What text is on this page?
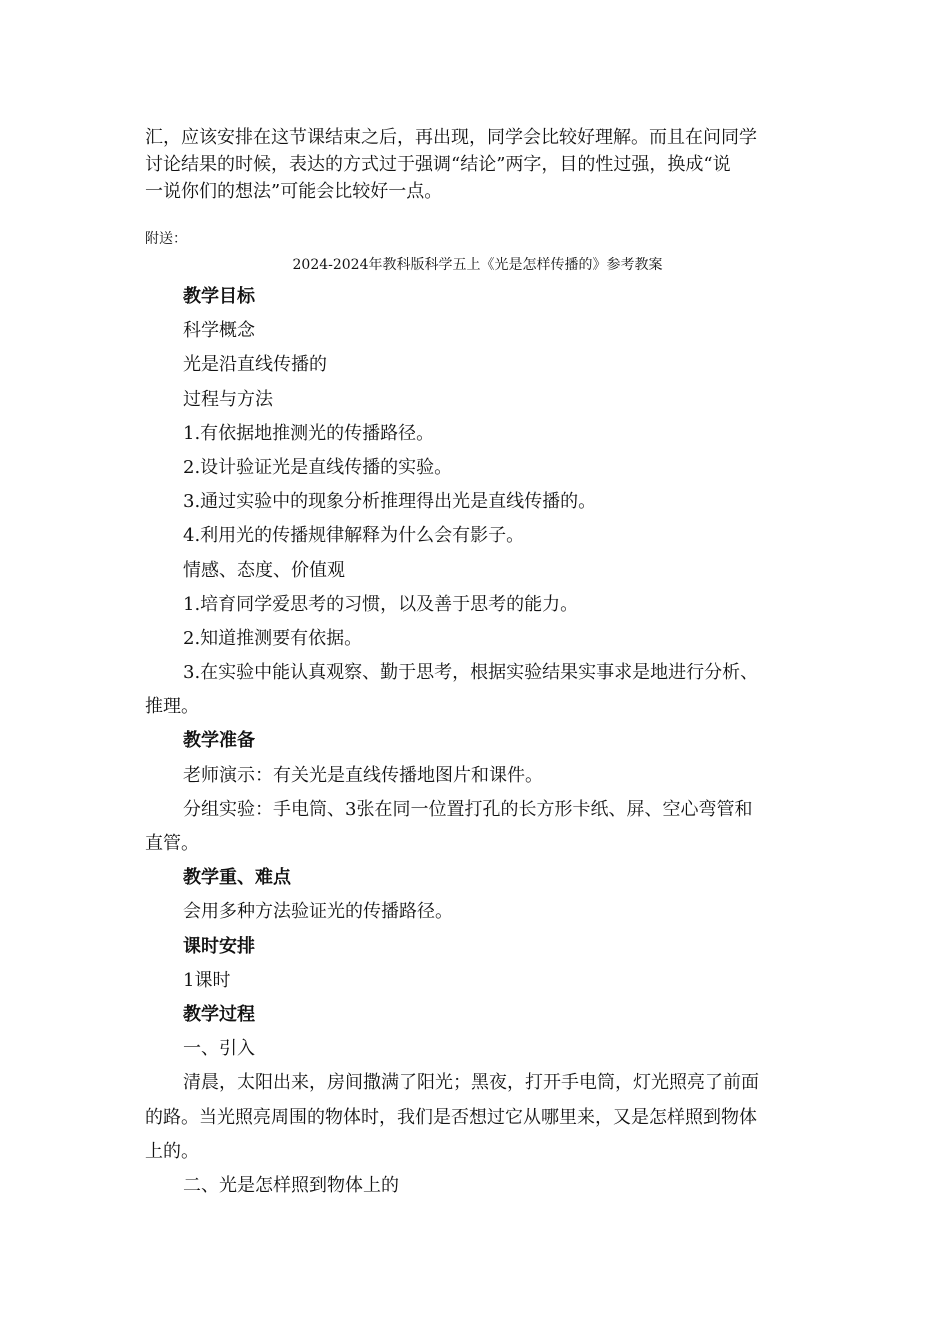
汇，应该安排在这节课结束之后，再出现，同学会比较好理解。而且在问同学

讨论结果的时候，表达的方式过于强调“结论”两字，目的性过强，换成“说

一说你们的想法”可能会比较好一点。

附送：
2024-2024年教科版科学五上《光是怎样传播的》参考教案
教学目标
科学概念
光是沿直线传播的
过程与方法
1.有依据地推测光的传播路径。
2.设计验证光是直线传播的实验。
3.通过实验中的现象分析推理得出光是直线传播的。
4.利用光的传播规律解释为什么会有影子。
情感、态度、价值观
1.培育同学爱思考的习惯，以及善于思考的能力。
2.知道推测要有依据。
3.在实验中能认真观察、勤于思考，根据实验结果实事求是地进行分析、
推理。
教学准备
老师演示：有关光是直线传播地图片和课件。
分组实验：手电筒、3张在同一位置打孔的长方形卡纸、屏、空心弯管和
直管。
教学重、难点
会用多种方法验证光的传播路径。
课时安排
1课时
教学过程
一、引入
清晨，太阳出来，房间撒满了阳光；黑夜，打开手电筒，灯光照亮了前面
的路。当光照亮周围的物体时，我们是否想过它从哪里来，又是怎样照到物体
上的。
二、光是怎样照到物体上的
